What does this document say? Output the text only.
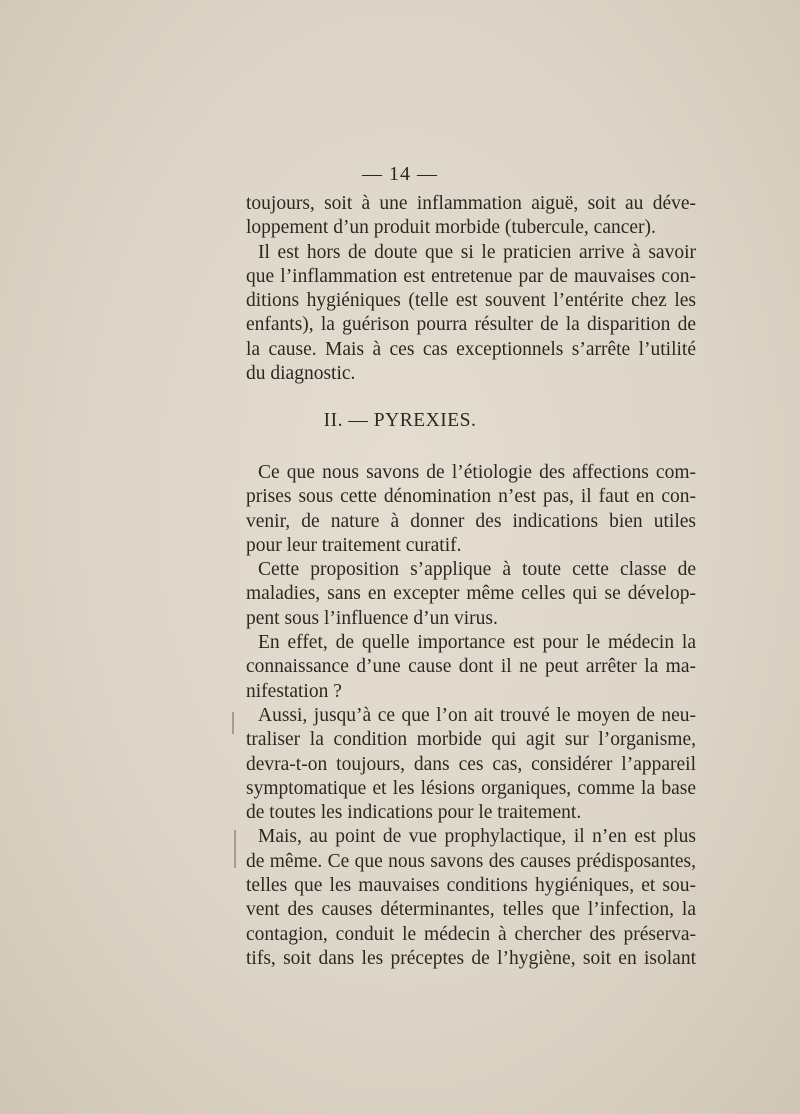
— 14 —
toujours, soit à une inflammation aiguë, soit au déve-
loppement d’un produit morbide (tubercule, cancer).
Il est hors de doute que si le praticien arrive à savoir
que l’inflammation est entretenue par de mauvaises con-
ditions hygiéniques (telle est souvent l’entérite chez les
enfants), la guérison pourra résulter de la disparition de
la cause. Mais à ces cas exceptionnels s’arrête l’utilité
du diagnostic.
II. — PYREXIES.
Ce que nous savons de l’étiologie des affections com-
prises sous cette dénomination n’est pas, il faut en con-
venir, de nature à donner des indications bien utiles
pour leur traitement curatif.
Cette proposition s’applique à toute cette classe de
maladies, sans en excepter même celles qui se dévelop-
pent sous l’influence d’un virus.
En effet, de quelle importance est pour le médecin la
connaissance d’une cause dont il ne peut arrêter la ma-
nifestation ?
Aussi, jusqu’à ce que l’on ait trouvé le moyen de neu-
traliser la condition morbide qui agit sur l’organisme,
devra-t-on toujours, dans ces cas, considérer l’appareil
symptomatique et les lésions organiques, comme la base
de toutes les indications pour le traitement.
Mais, au point de vue prophylactique, il n’en est plus
de même. Ce que nous savons des causes prédisposantes,
telles que les mauvaises conditions hygiéniques, et sou-
vent des causes déterminantes, telles que l’infection, la
contagion, conduit le médecin à chercher des préserva-
tifs, soit dans les préceptes de l’hygiène, soit en isolant
